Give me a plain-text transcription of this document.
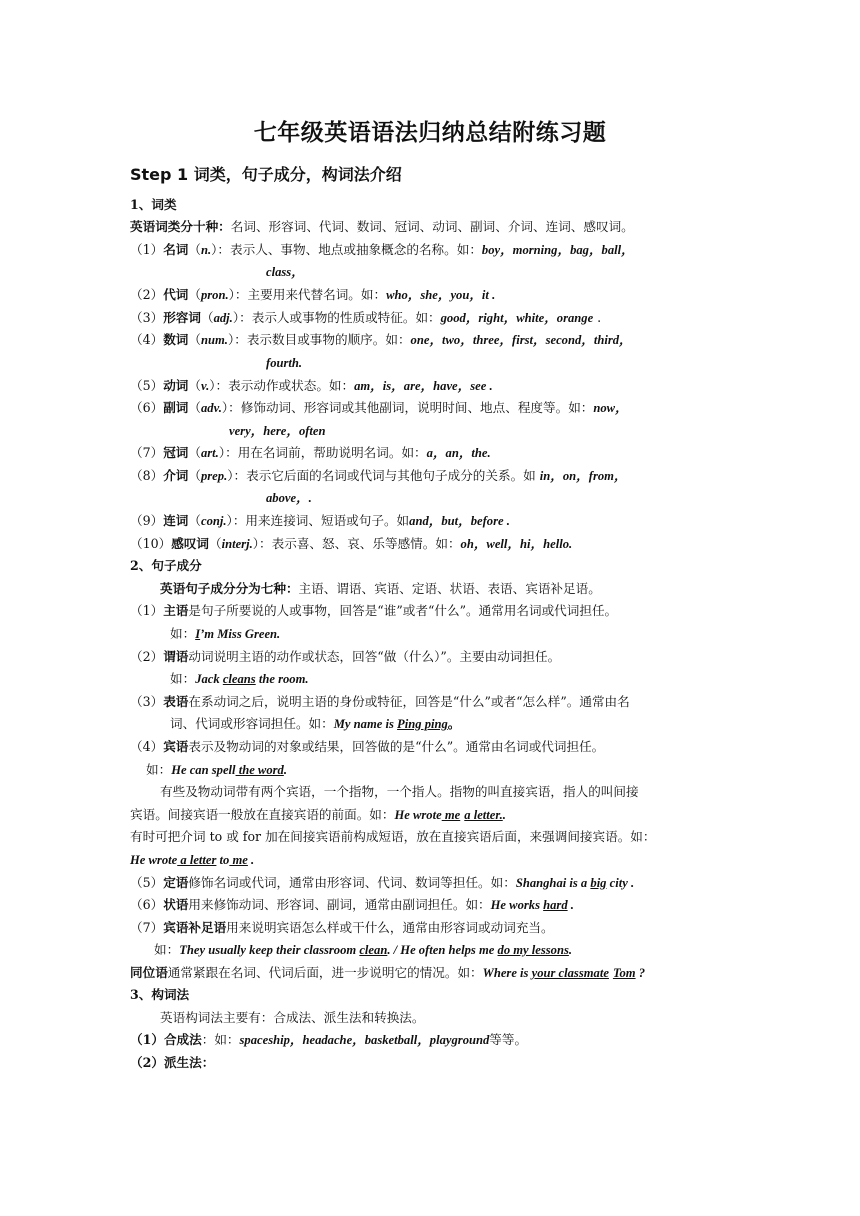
七年级英语语法归纳总结附练习题
Step 1 词类，句子成分，构词法介绍
1、词类
英语词类分十种：名词、形容词、代词、数词、冠词、动词、副词、介词、连词、感叹词。
（1）名词（n.）：表示人、事物、地点或抽象概念的名称。如：boy，morning，bag，ball，
class，
（2）代词（pron.）：主要用来代替名词。如：who，she，you，it .
（3）形容词（adj.）：表示人或事物的性质或特征。如：good，right，white，orange .
（4）数词（num.）：表示数目或事物的顺序。如：one，two，three，first，second，third，
fourth.
（5）动词（v.）：表示动作或状态。如：am，is，are，have，see .
（6）副词（adv.）：修饰动词、形容词或其他副词，说明时间、地点、程度等。如：now，
very，here，often
（7）冠词（art.）：用在名词前，帮助说明名词。如：a，an，the.
（8）介词（prep.）：表示它后面的名词或代词与其他句子成分的关系。如 in，on，from，
above，.
（9）连词（conj.）：用来连接词、短语或句子。如and，but，before .
（10）感叹词（interj.）：表示喜、怒、哀、乐等感情。如：oh，well，hi，hello.
2、句子成分
英语句子成分分为七种：主语、谓语、宾语、定语、状语、表语、宾语补足语。
（1）主语是句子所要说的人或事物，回答是“谁”或者“什么”。通常用名词或代词担任。
如：I’m Miss Green.
（2）谓语动词说明主语的动作或状态，回答“做（什么）”。主要由动词担任。
如：Jack cleans the room.
（3）表语在系动词之后，说明主语的身份或特征，回答是“什么”或者“怎么样”。通常由名
词、代词或形容词担任。如：My name is Ping ping。
（4）宾语表示及物动词的对象或结果，回答做的是“什么”。通常由名词或代词担任。
如：He can spell the word.
有些及物动词带有两个宾语，一个指物，一个指人。指物的叫直接宾语，指人的叫间接
宾语。间接宾语一般放在直接宾语的前面。如：He wrote me a letter..
有时可把介词 to 或 for 加在间接宾语前构成短语，放在直接宾语后面，来强调间接宾语。如：
He wrote a letter to me .
（5）定语修饰名词或代词，通常由形容词、代词、数词等担任。如：Shanghai is a big city .
（6）状语用来修饰动词、形容词、副词，通常由副词担任。如：He works hard .
（7）宾语补足语用来说明宾语怎么样或干什么，通常由形容词或动词充当。
如：They usually keep their classroom clean. / He often helps me do my lessons.
同位语通常紧跟在名词、代词后面，进一步说明它的情况。如：Where is your classmate Tom ?
3、构词法
英语构词法主要有：合成法、派生法和转换法。
（1）合成法：如：spaceship，headache，basketball，playground等等。
（2）派生法：
